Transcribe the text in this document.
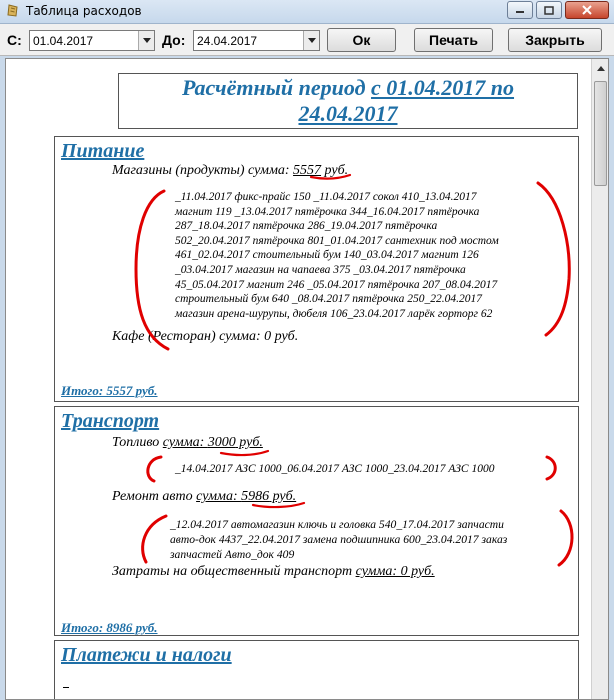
Таблица расходов
С: 01.04.2017	До: 24.04.2017	Ок	Печать	Закрыть
Расчётный период с 01.04.2017 по
24.04.2017
Питание
Магазины (продукты) сумма: 5557 руб.
_11.04.2017 фикс-прайс 150 _11.04.2017 сокол 410_13.04.2017
магнит 119 _13.04.2017 пятёрочка 344_16.04.2017 пятёрочка
287_18.04.2017 пятёрочка 286_19.04.2017 пятёрочка
502_20.04.2017 пятёрочка 801_01.04.2017 сантехник под мостом
461_02.04.2017 стоительный бум 140_03.04.2017 магнит 126
_03.04.2017 магазин на чапаева 375 _03.04.2017 пятёрочка
45_05.04.2017 магнит 246 _05.04.2017 пятёрочка 207_08.04.2017
строительный бум 640 _08.04.2017 пятёрочка 250_22.04.2017
магазин арена-шурупы, дюбеля 106_23.04.2017 ларёк горторг 62
Кафе (Ресторан) сумма: 0 руб.
Итого: 5557 руб.
Транспорт
Топливо сумма: 3000 руб.
_14.04.2017 АЗС 1000_06.04.2017 АЗС 1000_23.04.2017 АЗС 1000
Ремонт авто сумма: 5986 руб.
_12.04.2017 автомагазин ключь и головка 540_17.04.2017 запчасти
авто-док 4437_22.04.2017 замена подшипника 600_23.04.2017 заказ
запчастей Авто_док 409
Затраты на общественный транспорт сумма: 0 руб.
Итого: 8986 руб.
Платежи и налоги
